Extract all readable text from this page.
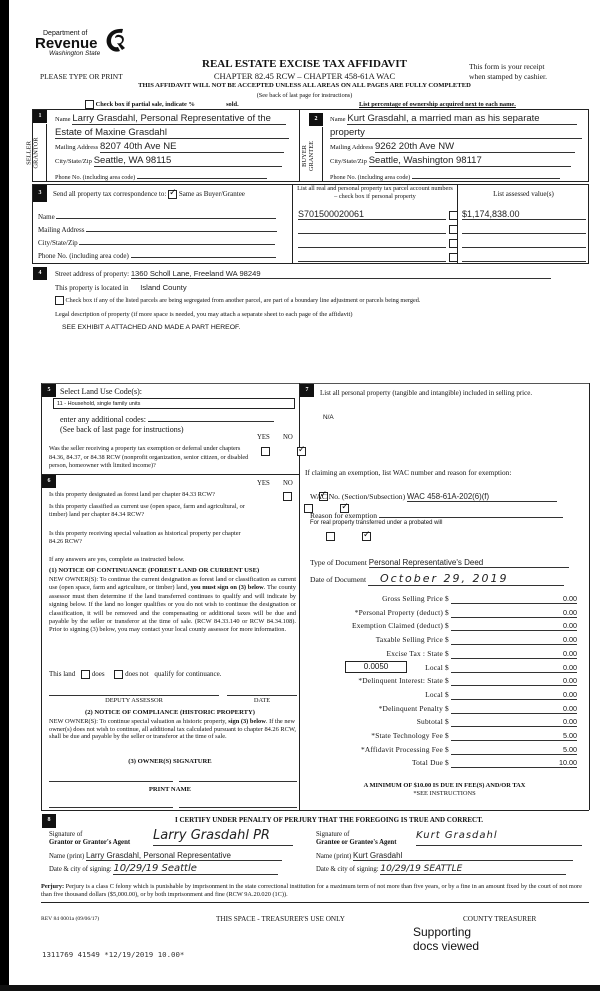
Department of
Revenue
Washington State
REAL ESTATE EXCISE TAX AFFIDAVIT
CHAPTER 82.45 RCW – CHAPTER 458-61A WAC
PLEASE TYPE OR PRINT
This form is your receipt
when stamped by cashier.
THIS AFFIDAVIT WILL NOT BE ACCEPTED UNLESS ALL AREAS ON ALL PAGES ARE FULLY COMPLETED
(See back of last page for instructions)
Check box if partial sale, indicate %	sold.	List percentage of ownership acquired next to each name.
1
SELLER GRANTOR
Name Larry Grasdahl, Personal Representative of the
Estate of Maxine Grasdahl
Mailing Address 8207 40th Ave NE
City/State/Zip Seattle, WA 98115
Phone No. (including area code)
2
BUYER GRANTEE
Name Kurt Grasdahl, a married man as his separate
property
Mailing Address 9262 20th Ave NW
City/State/Zip Seattle, Washington 98117
Phone No. (including area code)
3	Send all property tax correspondence to: ✓ Same as Buyer/Grantee
Name
Mailing Address
City/State/Zip
Phone No. (including area code)
List all real and personal property tax parcel account numbers – check box if personal property	List assessed value(s)
S701500020061	$1,174,838.00
4	Street address of property: 1360 Scholl Lane, Freeland WA 98249
This property is located in Island County
Check box if any of the listed parcels are being segregated from another parcel, are part of a boundary line adjustment or parcels being merged.
Legal description of property (if more space is needed, you may attach a separate sheet to each page of the affidavit)
SEE EXHIBIT A ATTACHED AND MADE A PART HEREOF.
5	Select Land Use Code(s):
11 - Household, single family units
enter any additional codes:
(See back of last page for instructions)
YES NO
Was the seller receiving a property tax exemption or deferral under chapters 84.36, 84.37, or 84.38 RCW (nonprofit organization, senior citizen, or disabled person, homeowner with limited income)?
✓
6	YES NO
Is this property designated as forest land per chapter 84.33 RCW?
✓
Is this property classified as current use (open space, farm and agricultural, or timber) land per chapter 84.34 RCW?
✓
Is this property receiving special valuation as historical property per chapter 84.26 RCW?
✓
If any answers are yes, complete as instructed below.
(1) NOTICE OF CONTINUANCE (FOREST LAND OR CURRENT USE)
NEW OWNER(S): To continue the current designation as forest land or classification as current use (open space, farm and agriculture, or timber) land, you must sign on (3) below. The county assessor must then determine if the land transferred continues to qualify and will indicate by signing below. If the land no longer qualifies or you do not wish to continue the designation or classification, it will be removed and the compensating or additional taxes will be due and payable by the seller or transferor at the time of sale. (RCW 84.33.140 or RCW 84.34.108). Prior to signing (3) below, you may contact your local county assessor for more information.
This land does	does not qualify for continuance.
DEPUTY ASSESSOR	DATE
(2) NOTICE OF COMPLIANCE (HISTORIC PROPERTY)
NEW OWNER(S): To continue special valuation as historic property, sign (3) below. If the new owner(s) does not wish to continue, all additional tax calculated pursuant to chapter 84.26 RCW, shall be due and payable by the seller or transferor at the time of sale.
(3) OWNER(S) SIGNATURE
PRINT NAME
7	List all personal property (tangible and intangible) included in selling price.
N/A
If claiming an exemption, list WAC number and reason for exemption:
WAC No. (Section/Subsection) WAC 458-61A-202(6)(f)
Reason for exemption
For real property transferred under a probated will
Type of Document Personal Representative's Deed
Date of Document October 29, 2019
Gross Selling Price $	0.00
*Personal Property (deduct) $	0.00
Exemption Claimed (deduct) $	0.00
Taxable Selling Price $	0.00
Excise Tax : State $	0.00
0.0050	Local $	0.00
*Delinquent Interest: State $	0.00
Local $	0.00
*Delinquent Penalty $	0.00
Subtotal $	0.00
*State Technology Fee $	5.00
*Affidavit Processing Fee $	5.00
Total Due $	10.00
A MINIMUM OF $10.00 IS DUE IN FEE(S) AND/OR TAX
*SEE INSTRUCTIONS
8	I CERTIFY UNDER PENALTY OF PERJURY THAT THE FOREGOING IS TRUE AND CORRECT.
Signature of
Grantor or Grantor's Agent Larry Grasdahl PR
Name (print) Larry Grasdahl, Personal Representative
Date & city of signing: 10/29/19 Seattle
Signature of
Grantee or Grantee's Agent
Kurt Grasdahl
Name (print) Kurt Grasdahl
Date & city of signing: 10/29/19 SEATTLE
Perjury: Perjury is a class C felony which is punishable by imprisonment in the state correctional institution for a maximum term of not more than five years, or by a fine in an amount fixed by the court of not more than five thousand dollars ($5,000.00), or by both imprisonment and fine (RCW 9A.20.020 (1C)).
REV 84 0001a (09/06/17)	THIS SPACE - TREASURER'S USE ONLY	COUNTY TREASURER
Supporting
docs viewed
1311769 41549 *12/19/2019 10.00*
